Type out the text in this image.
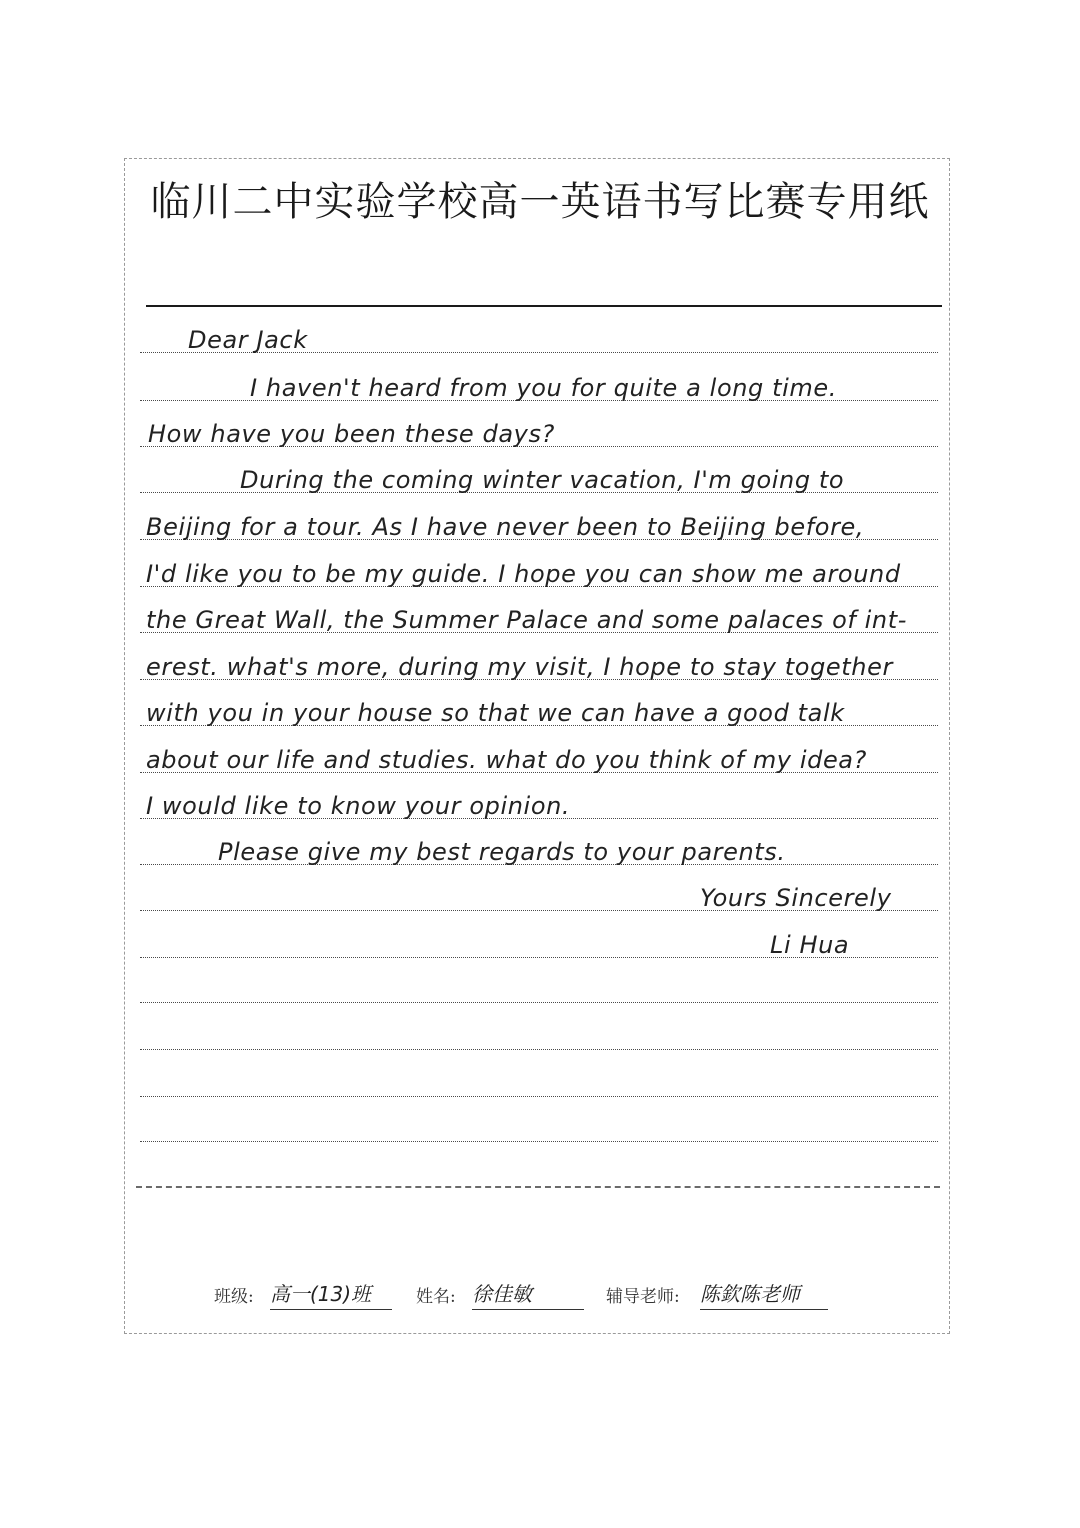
临川二中实验学校高一英语书写比赛专用纸
Dear Jack
I haven't heard from you for quite a long time.
How have you been these days?
During the coming winter vacation, I'm going to
Beijing for a tour. As I have never been to Beijing before,
I'd like you to be my guide. I hope you can show me around
the Great Wall, the Summer Palace and some palaces of int-
erest. what's more, during my visit, I hope to stay together
with you in your house so that we can have a good talk
about our life and studies. what do you think of my idea?
I would like to know your opinion.
Please give my best regards to your parents.
Yours Sincerely
Li Hua
班级: 高一(13)班	姓名: 徐佳敏	辅导老师: 陈欽陈老师
